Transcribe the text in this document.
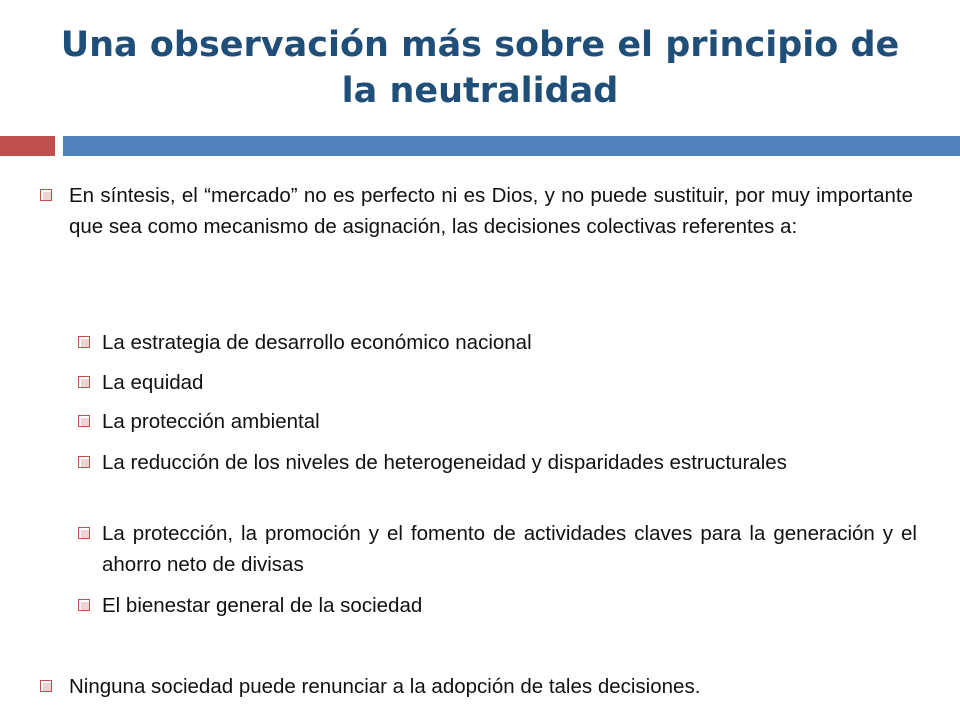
Una observación más sobre el principio de
la neutralidad
En síntesis, el “mercado” no es perfecto ni es Dios, y no puede sustituir, por muy importante que sea como mecanismo de asignación, las decisiones colectivas referentes a:
La estrategia de desarrollo económico nacional
La equidad
La protección ambiental
La reducción de los niveles de heterogeneidad y disparidades estructurales
La protección, la promoción y el fomento de actividades claves para la generación y el ahorro neto de divisas
El bienestar general de la sociedad
Ninguna sociedad puede renunciar a la adopción de tales decisiones.
